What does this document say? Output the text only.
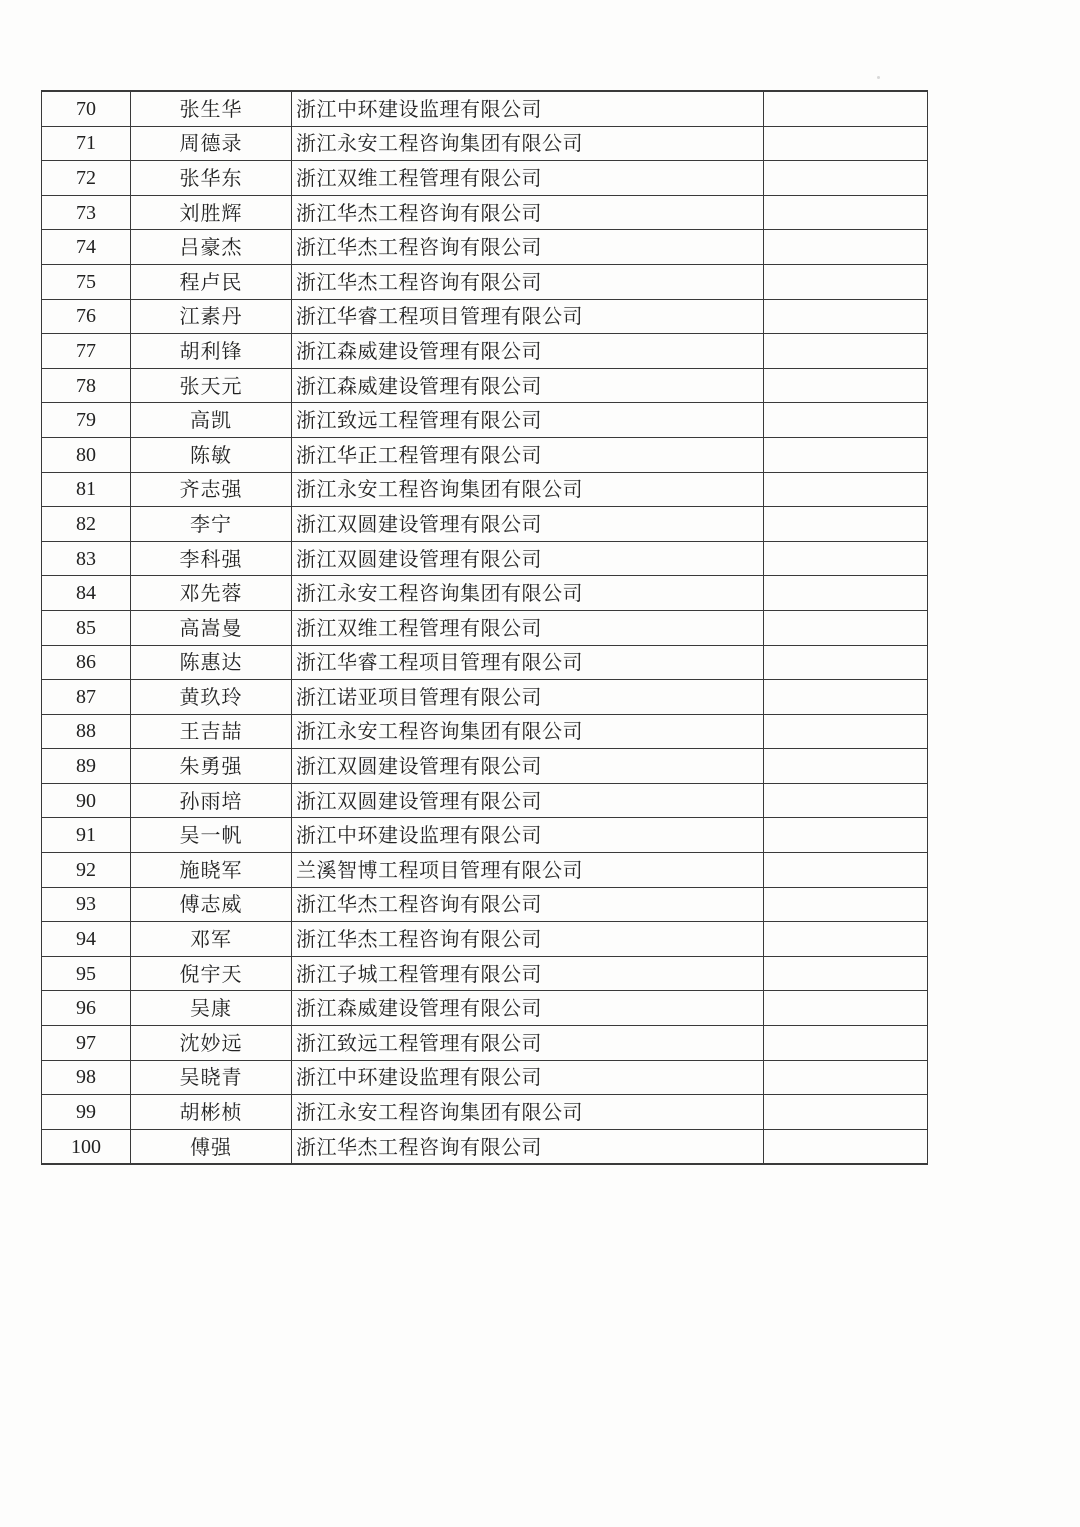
70	张生华	浙江中环建设监理有限公司	
71	周德录	浙江永安工程咨询集团有限公司	
72	张华东	浙江双维工程管理有限公司	
73	刘胜辉	浙江华杰工程咨询有限公司	
74	吕豪杰	浙江华杰工程咨询有限公司	
75	程卢民	浙江华杰工程咨询有限公司	
76	江素丹	浙江华睿工程项目管理有限公司	
77	胡利锋	浙江森威建设管理有限公司	
78	张天元	浙江森威建设管理有限公司	
79	高凯	浙江致远工程管理有限公司	
80	陈敏	浙江华正工程管理有限公司	
81	齐志强	浙江永安工程咨询集团有限公司	
82	李宁	浙江双圆建设管理有限公司	
83	李科强	浙江双圆建设管理有限公司	
84	邓先蓉	浙江永安工程咨询集团有限公司	
85	高嵩曼	浙江双维工程管理有限公司	
86	陈惠达	浙江华睿工程项目管理有限公司	
87	黄玖玲	浙江诺亚项目管理有限公司	
88	王吉喆	浙江永安工程咨询集团有限公司	
89	朱勇强	浙江双圆建设管理有限公司	
90	孙雨培	浙江双圆建设管理有限公司	
91	吴一帆	浙江中环建设监理有限公司	
92	施晓军	兰溪智博工程项目管理有限公司	
93	傅志威	浙江华杰工程咨询有限公司	
94	邓军	浙江华杰工程咨询有限公司	
95	倪宇天	浙江子城工程管理有限公司	
96	吴康	浙江森威建设管理有限公司	
97	沈妙远	浙江致远工程管理有限公司	
98	吴晓青	浙江中环建设监理有限公司	
99	胡彬桢	浙江永安工程咨询集团有限公司	
100	傅强	浙江华杰工程咨询有限公司	
